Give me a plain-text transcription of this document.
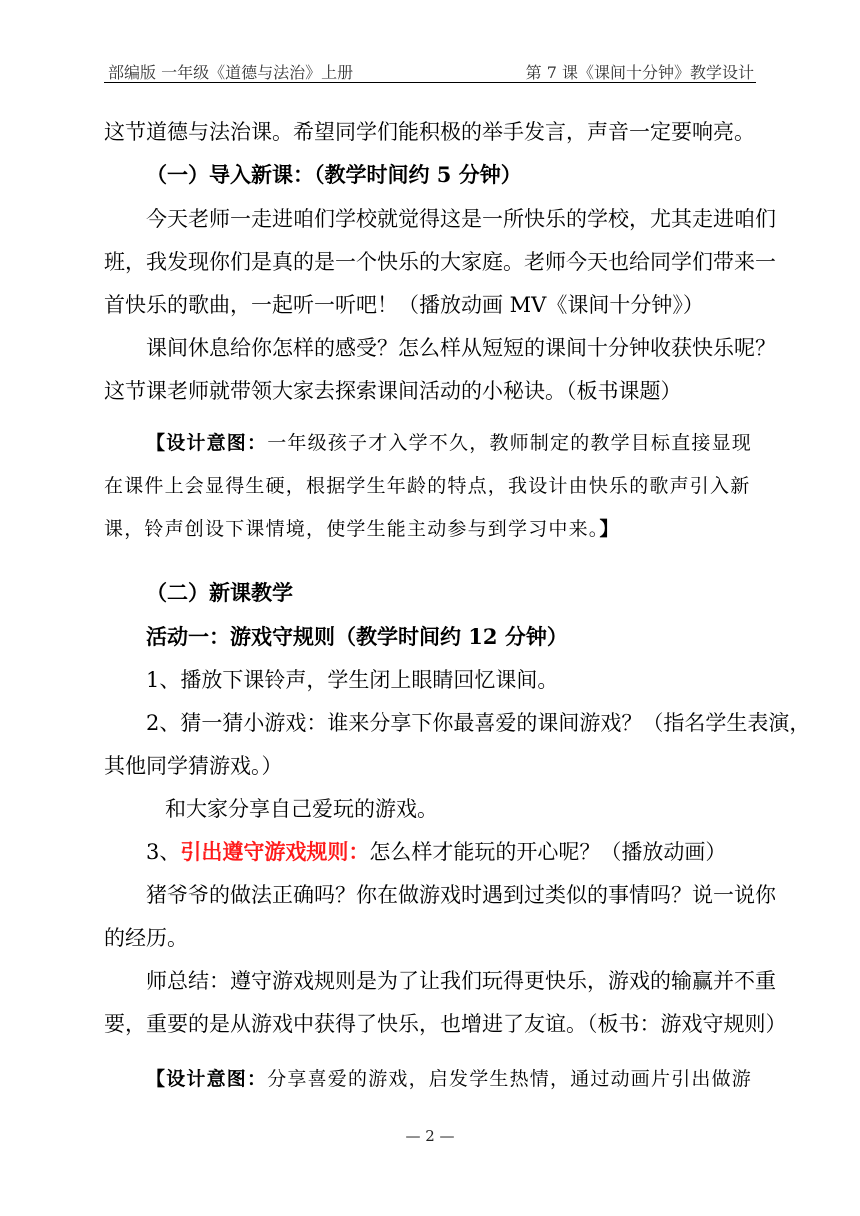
部编版 一年级《道德与法治》上册	第 7 课《课间十分钟》教学设计
这节道德与法治课。希望同学们能积极的举手发言，声音一定要响亮。
（一）导入新课：（教学时间约 5 分钟）
今天老师一走进咱们学校就觉得这是一所快乐的学校，尤其走进咱们
班，我发现你们是真的是一个快乐的大家庭。老师今天也给同学们带来一
首快乐的歌曲，一起听一听吧！（播放动画 MV《课间十分钟》）
课间休息给你怎样的感受？怎么样从短短的课间十分钟收获快乐呢？
这节课老师就带领大家去探索课间活动的小秘诀。（板书课题）
【设计意图：一年级孩子才入学不久，教师制定的教学目标直接显现
在课件上会显得生硬，根据学生年龄的特点，我设计由快乐的歌声引入新
课，铃声创设下课情境，使学生能主动参与到学习中来。】
（二）新课教学
活动一：游戏守规则（教学时间约 12 分钟）
1、播放下课铃声，学生闭上眼睛回忆课间。
2、猜一猜小游戏：谁来分享下你最喜爱的课间游戏？（指名学生表演，
其他同学猜游戏。）
和大家分享自己爱玩的游戏。
3、引出遵守游戏规则：怎么样才能玩的开心呢？（播放动画）
猪爷爷的做法正确吗？你在做游戏时遇到过类似的事情吗？说一说你
的经历。
师总结：遵守游戏规则是为了让我们玩得更快乐，游戏的输赢并不重
要，重要的是从游戏中获得了快乐，也增进了友谊。（板书：游戏守规则）
【设计意图：分享喜爱的游戏，启发学生热情，通过动画片引出做游
— 2 —
